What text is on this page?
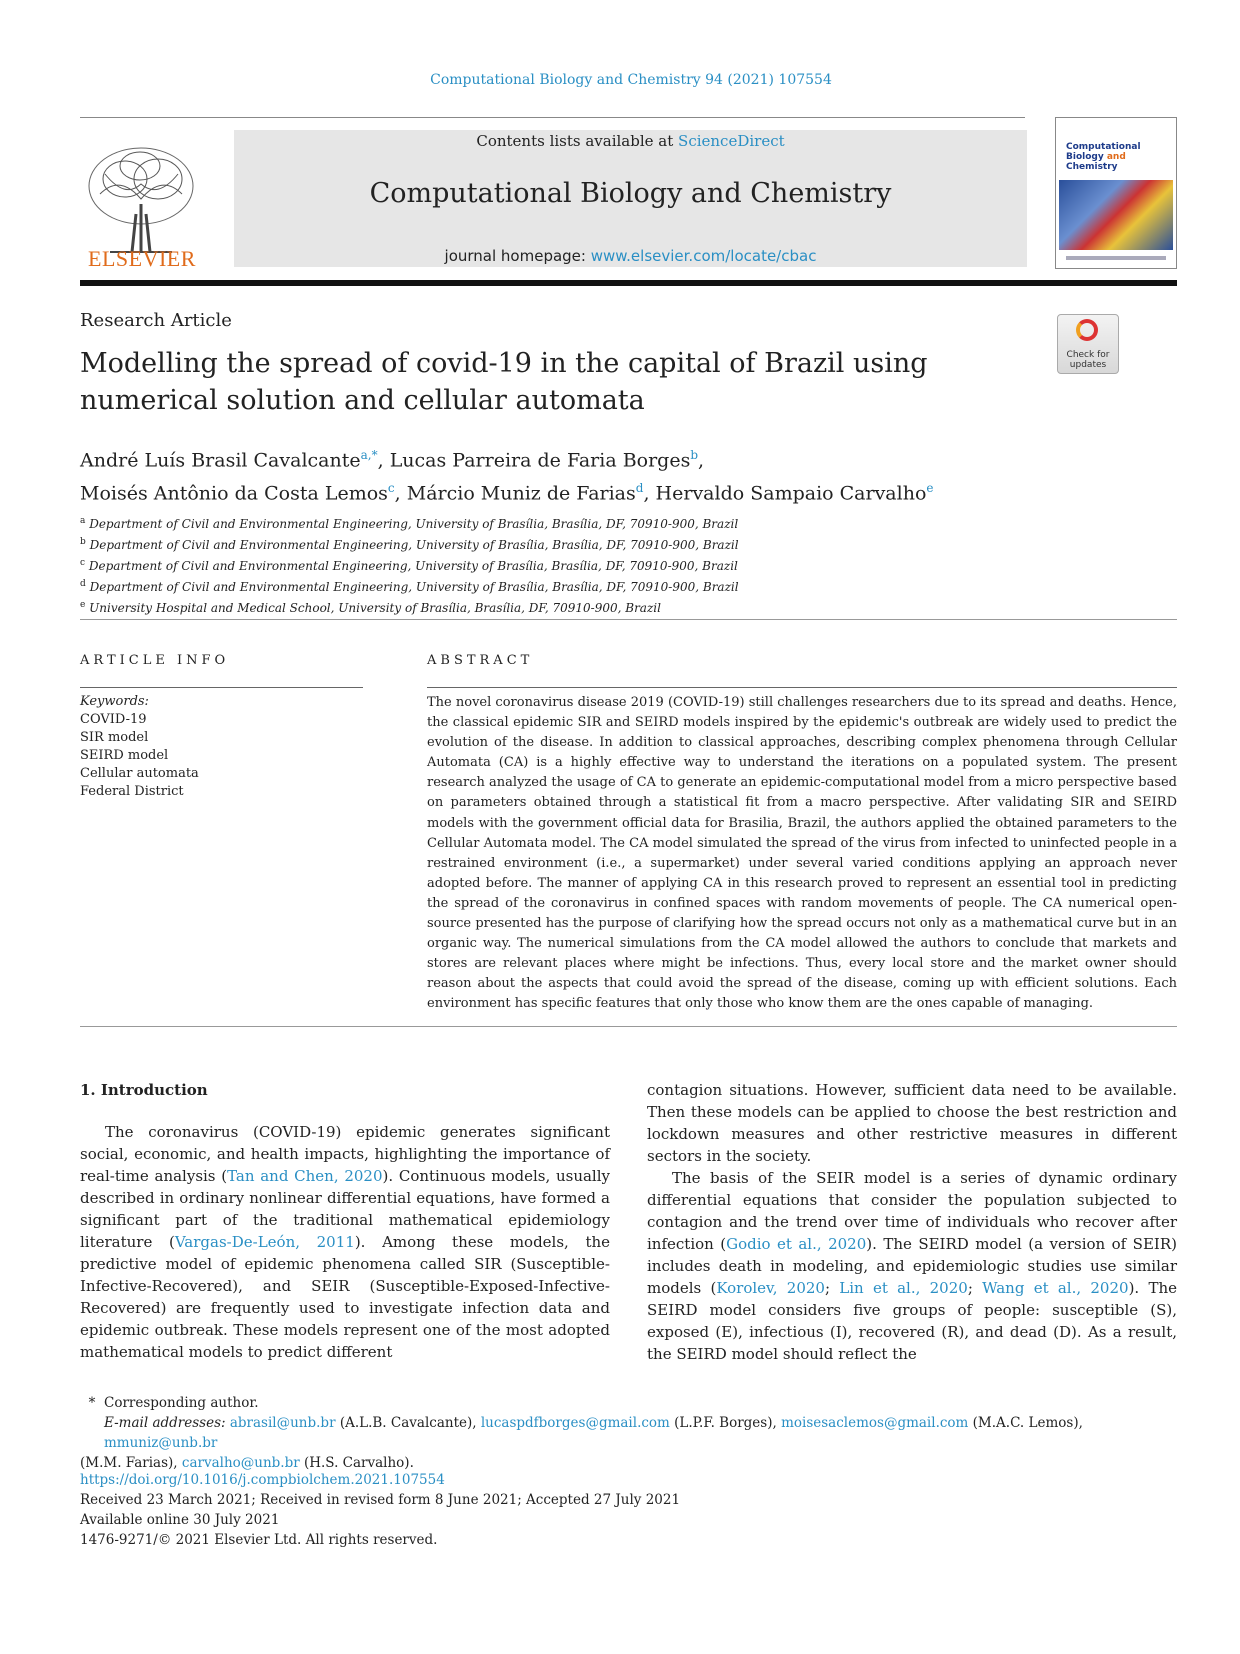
Computational Biology and Chemistry 94 (2021) 107554
ELSEVIER
Contents lists available at ScienceDirect
Computational Biology and Chemistry
journal homepage: www.elsevier.com/locate/cbac
Computational
Biology and
Chemistry
Research Article
Modelling the spread of covid-19 in the capital of Brazil using numerical solution and cellular automata
Check for
updates
André Luís Brasil Cavalcante$^{a,*}$, Lucas Parreira de Faria Borges$^b$,
Moisés Antônio da Costa Lemos$^c$, Márcio Muniz de Farias$^d$, Hervaldo Sampaio Carvalho$^e$
$^a$ Department of Civil and Environmental Engineering, University of Brasília, Brasília, DF, 70910-900, Brazil
$^b$ Department of Civil and Environmental Engineering, University of Brasília, Brasília, DF, 70910-900, Brazil
$^c$ Department of Civil and Environmental Engineering, University of Brasília, Brasília, DF, 70910-900, Brazil
$^d$ Department of Civil and Environmental Engineering, University of Brasília, Brasília, DF, 70910-900, Brazil
$^e$ University Hospital and Medical School, University of Brasília, Brasília, DF, 70910-900, Brazil
ARTICLE INFO	ABSTRACT
Keywords:
COVID-19
SIR model
SEIRD model
Cellular automata
Federal District
The novel coronavirus disease 2019 (COVID-19) still challenges researchers due to its spread and deaths. Hence, the classical epidemic SIR and SEIRD models inspired by the epidemic's outbreak are widely used to predict the evolution of the disease. In addition to classical approaches, describing complex phenomena through Cellular Automata (CA) is a highly effective way to understand the iterations on a populated system. The present research analyzed the usage of CA to generate an epidemic-computational model from a micro perspective based on parameters obtained through a statistical fit from a macro perspective. After validating SIR and SEIRD models with the government official data for Brasilia, Brazil, the authors applied the obtained parameters to the Cellular Automata model. The CA model simulated the spread of the virus from infected to uninfected people in a restrained environment (i.e., a supermarket) under several varied conditions applying an approach never adopted before. The manner of applying CA in this research proved to represent an essential tool in predicting the spread of the coronavirus in confined spaces with random movements of people. The CA numerical open-source presented has the purpose of clarifying how the spread occurs not only as a mathematical curve but in an organic way. The numerical simulations from the CA model allowed the authors to conclude that markets and stores are relevant places where might be infections. Thus, every local store and the market owner should reason about the aspects that could avoid the spread of the disease, coming up with efficient solutions. Each environment has specific features that only those who know them are the ones capable of managing.
1. Introduction

The coronavirus (COVID-19) epidemic generates significant social, economic, and health impacts, highlighting the importance of real-time analysis (Tan and Chen, 2020). Continuous models, usually described in ordinary nonlinear differential equations, have formed a significant part of the traditional mathematical epidemiology literature (Vargas-De-León, 2011). Among these models, the predictive model of epidemic phenomena called SIR (Susceptible-Infective-Recovered), and SEIR (Susceptible-Exposed-Infective-Recovered) are frequently used to investigate infection data and epidemic outbreak. These models represent one of the most adopted mathematical models to predict different

contagion situations. However, sufficient data need to be available. Then these models can be applied to choose the best restriction and lockdown measures and other restrictive measures in different sectors in the society.

The basis of the SEIR model is a series of dynamic ordinary differential equations that consider the population subjected to contagion and the trend over time of individuals who recover after infection (Godio et al., 2020). The SEIRD model (a version of SEIR) includes death in modeling, and epidemiologic studies use similar models (Korolev, 2020; Lin et al., 2020; Wang et al., 2020). The SEIRD model considers five groups of people: susceptible (S), exposed (E), infectious (I), recovered (R), and dead (D). As a result, the SEIRD model should reflect the

* Corresponding author.
E-mail addresses: abrasil@unb.br (A.L.B. Cavalcante), lucaspdfborges@gmail.com (L.P.F. Borges), moisesaclemos@gmail.com (M.A.C. Lemos), mmuniz@unb.br
(M.M. Farias), carvalho@unb.br (H.S. Carvalho).
https://doi.org/10.1016/j.compbiolchem.2021.107554
Received 23 March 2021; Received in revised form 8 June 2021; Accepted 27 July 2021
Available online 30 July 2021
1476-9271/© 2021 Elsevier Ltd. All rights reserved.
